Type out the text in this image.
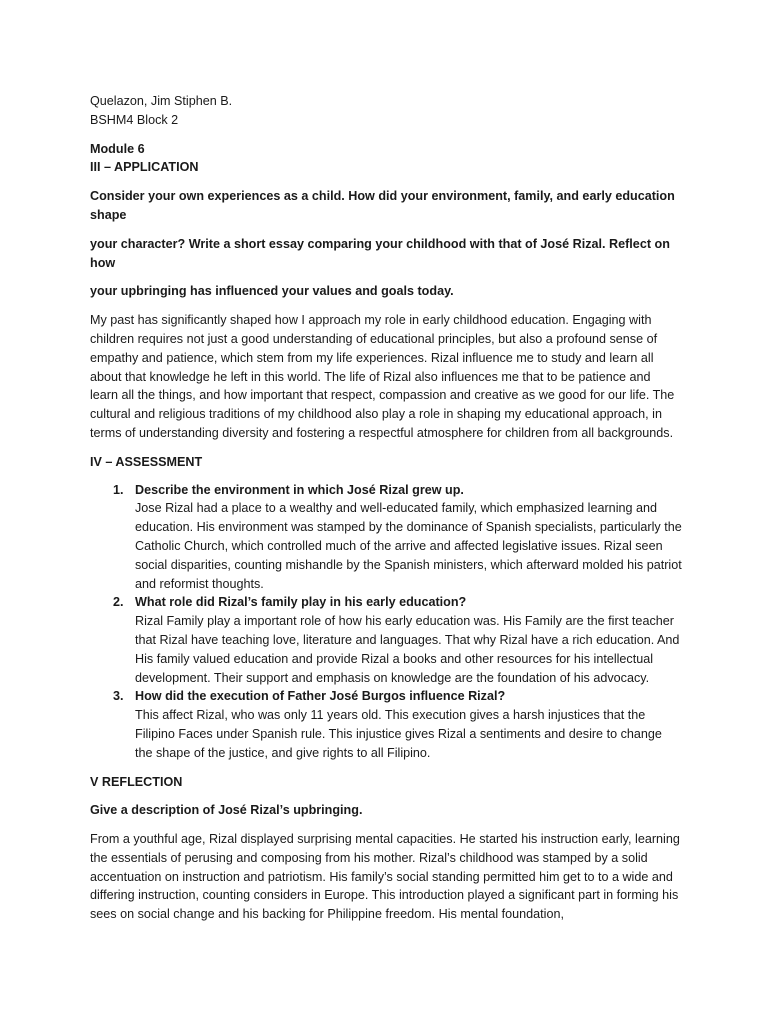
Quelazon, Jim Stiphen B.

BSHM4 Block 2

Module 6

III – APPLICATION

Consider your own experiences as a child. How did your environment, family, and early education shape

your character? Write a short essay comparing your childhood with that of José Rizal. Reflect on how

your upbringing has influenced your values and goals today.

My past has significantly shaped how I approach my role in early childhood education. Engaging with children requires not just a good understanding of educational principles, but also a profound sense of empathy and patience, which stem from my life experiences. Rizal influence me to study and learn all about that knowledge he left in this world. The life of Rizal also influences me that to be patience and learn all the things, and how important that respect, compassion and creative as we good for our life. The cultural and religious traditions of my childhood also play a role in shaping my educational approach, in terms of understanding diversity and fostering a respectful atmosphere for children from all backgrounds.

IV – ASSESSMENT

1. Describe the environment in which José Rizal grew up.
Jose Rizal had a place to a wealthy and well-educated family, which emphasized learning and education. His environment was stamped by the dominance of Spanish specialists, particularly the Catholic Church, which controlled much of the arrive and affected legislative issues. Rizal seen social disparities, counting mishandle by the Spanish ministers, which afterward molded his patriot and reformist thoughts.
2. What role did Rizal’s family play in his early education?
Rizal Family play a important role of how his early education was. His Family are the first teacher that Rizal have teaching love, literature and languages. That why Rizal have a rich education. And His family valued education and provide Rizal a books and other resources for his intellectual development. Their support and emphasis on knowledge are the foundation of his advocacy.
3. How did the execution of Father José Burgos influence Rizal?
This affect Rizal, who was only 11 years old. This execution gives a harsh injustices that the Filipino Faces under Spanish rule. This injustice gives Rizal a sentiments and desire to change the shape of the justice, and give rights to all Filipino.

V REFLECTION

Give a description of José Rizal’s upbringing.

From a youthful age, Rizal displayed surprising mental capacities. He started his instruction early, learning the essentials of perusing and composing from his mother. Rizal’s childhood was stamped by a solid accentuation on instruction and patriotism. His family’s social standing permitted him get to to a wide and differing instruction, counting considers in Europe. This introduction played a significant part in forming his sees on social change and his backing for Philippine freedom. His mental foundation,
